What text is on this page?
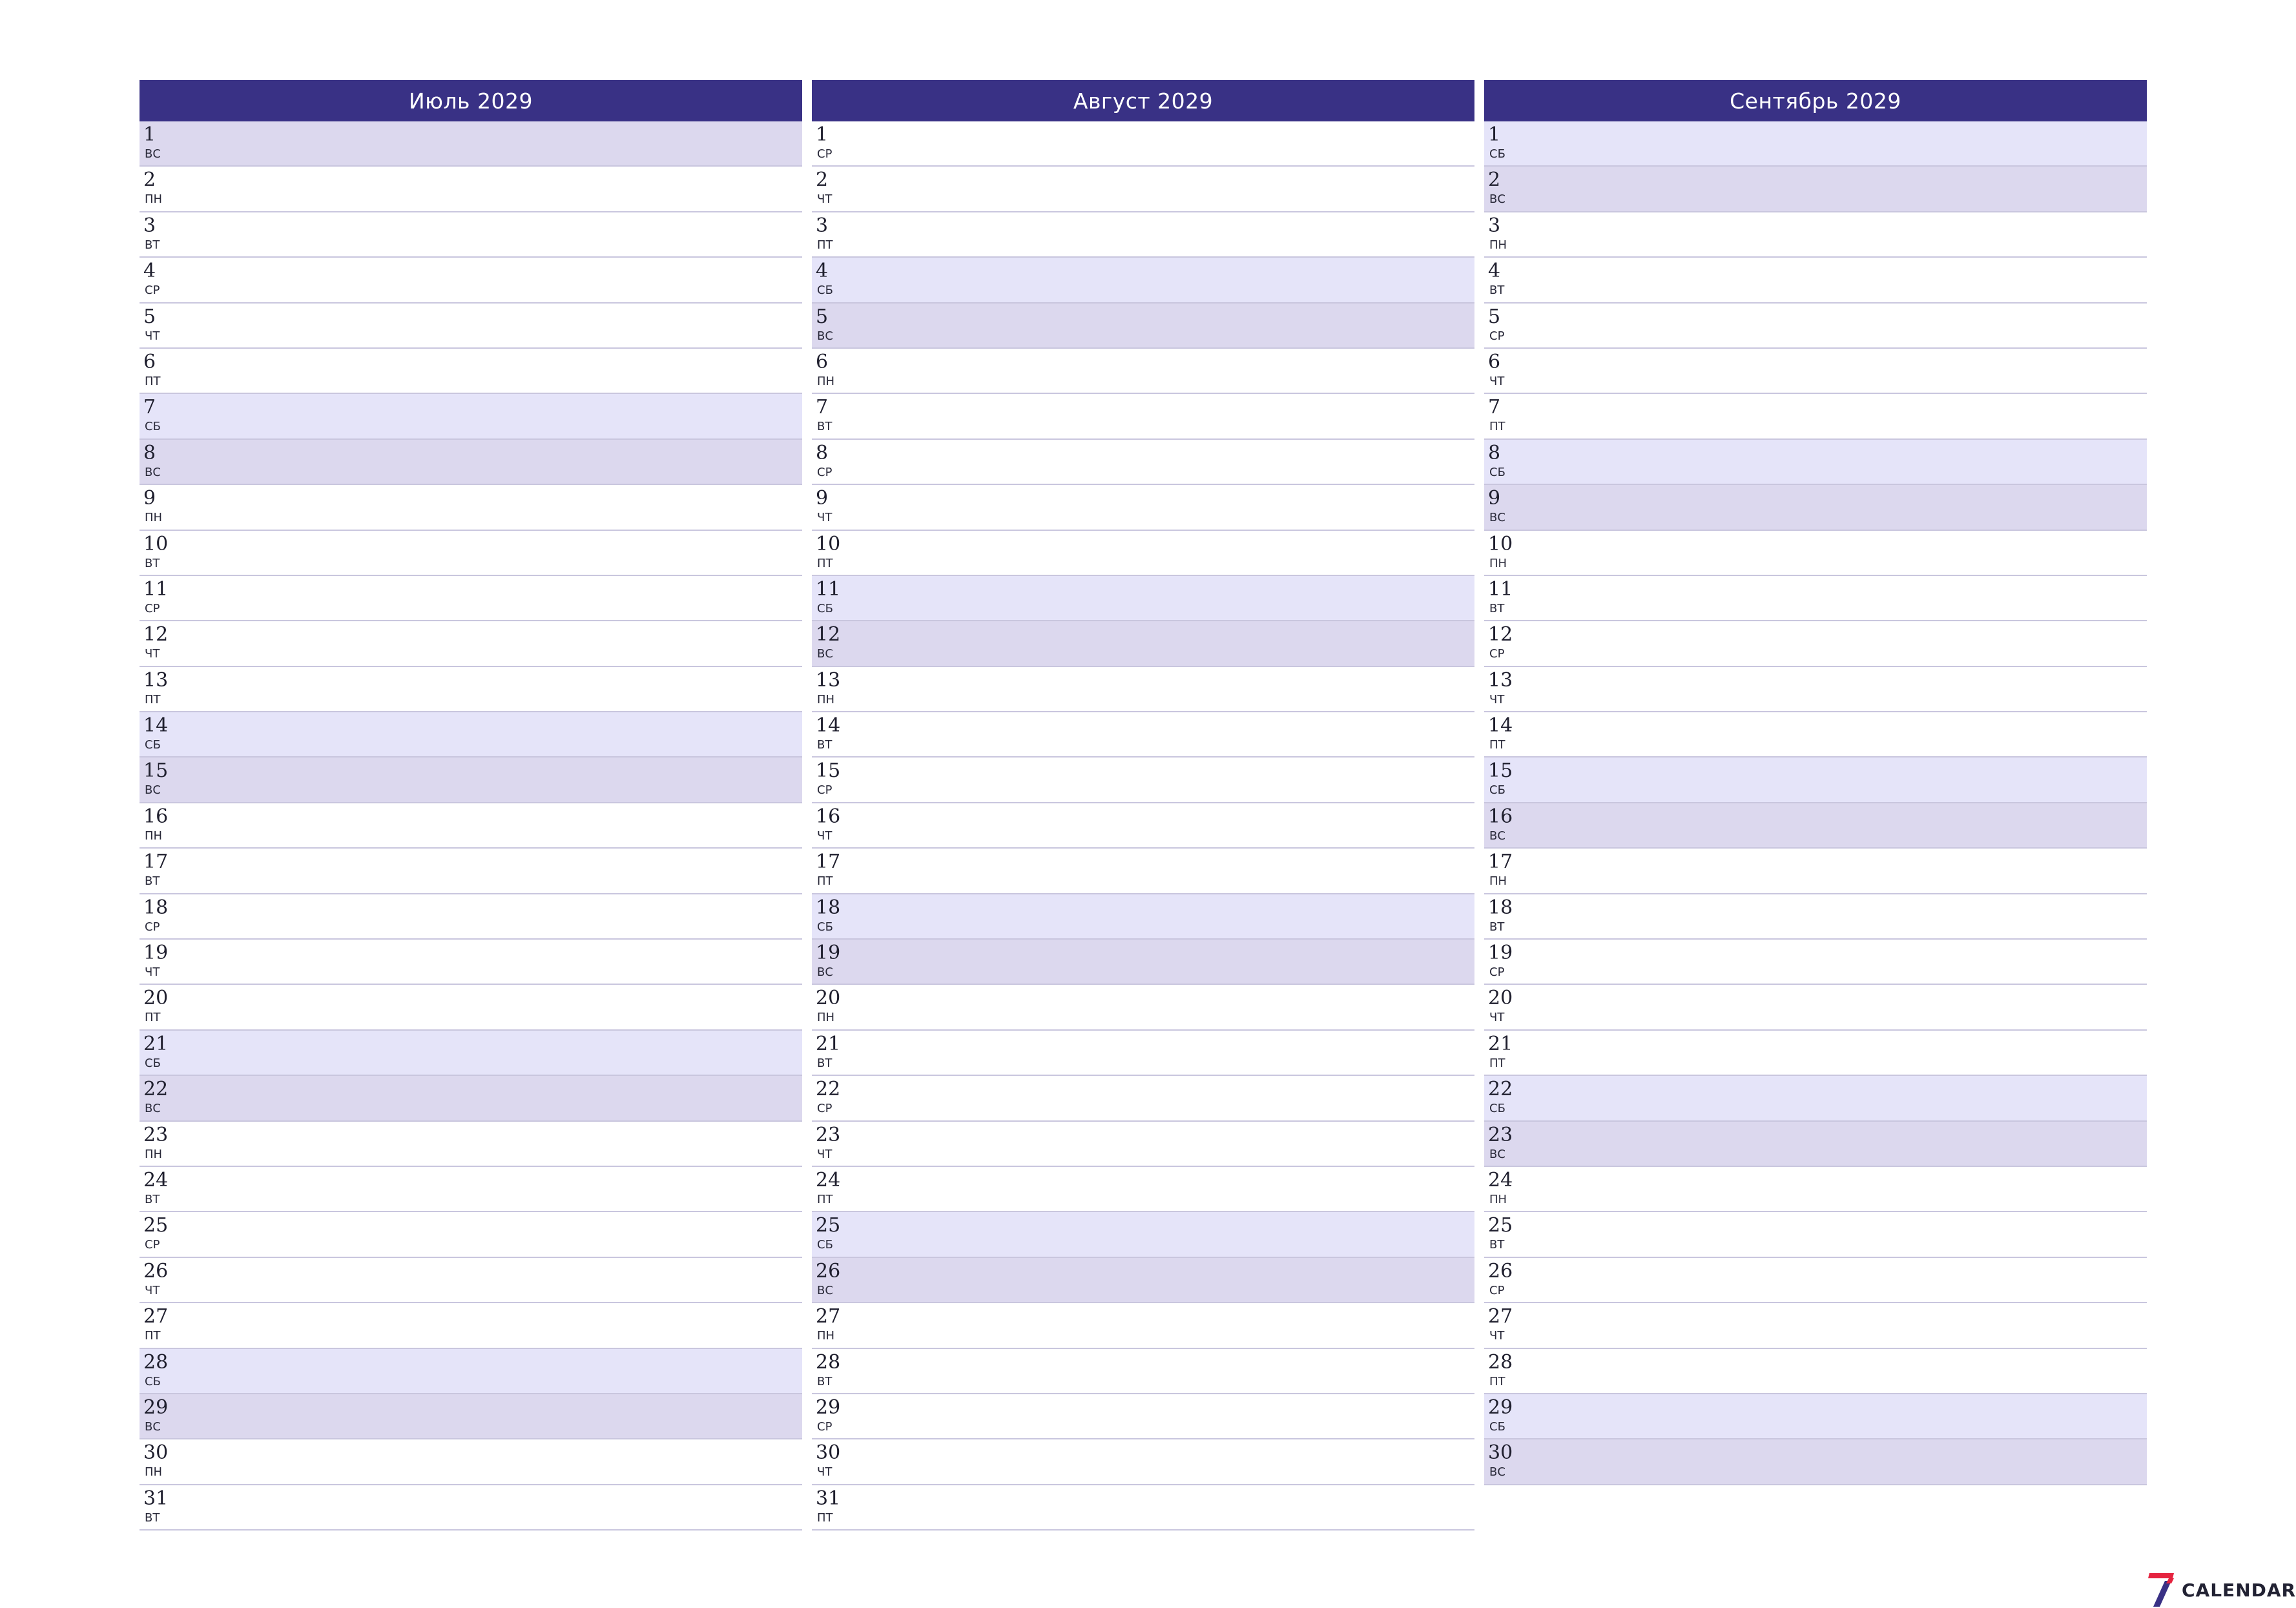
Июль 2029
1
ВС
2
ПН
3
ВТ
4
СР
5
ЧТ
6
ПТ
7
СБ
8
ВС
9
ПН
10
ВТ
11
СР
12
ЧТ
13
ПТ
14
СБ
15
ВС
16
ПН
17
ВТ
18
СР
19
ЧТ
20
ПТ
21
СБ
22
ВС
23
ПН
24
ВТ
25
СР
26
ЧТ
27
ПТ
28
СБ
29
ВС
30
ПН
31
ВТ
Август 2029
1
СР
2
ЧТ
3
ПТ
4
СБ
5
ВС
6
ПН
7
ВТ
8
СР
9
ЧТ
10
ПТ
11
СБ
12
ВС
13
ПН
14
ВТ
15
СР
16
ЧТ
17
ПТ
18
СБ
19
ВС
20
ПН
21
ВТ
22
СР
23
ЧТ
24
ПТ
25
СБ
26
ВС
27
ПН
28
ВТ
29
СР
30
ЧТ
31
ПТ
Сентябрь 2029
1
СБ
2
ВС
3
ПН
4
ВТ
5
СР
6
ЧТ
7
ПТ
8
СБ
9
ВС
10
ПН
11
ВТ
12
СР
13
ЧТ
14
ПТ
15
СБ
16
ВС
17
ПН
18
ВТ
19
СР
20
ЧТ
21
ПТ
22
СБ
23
ВС
24
ПН
25
ВТ
26
СР
27
ЧТ
28
ПТ
29
СБ
30
ВС
CALENDAR
